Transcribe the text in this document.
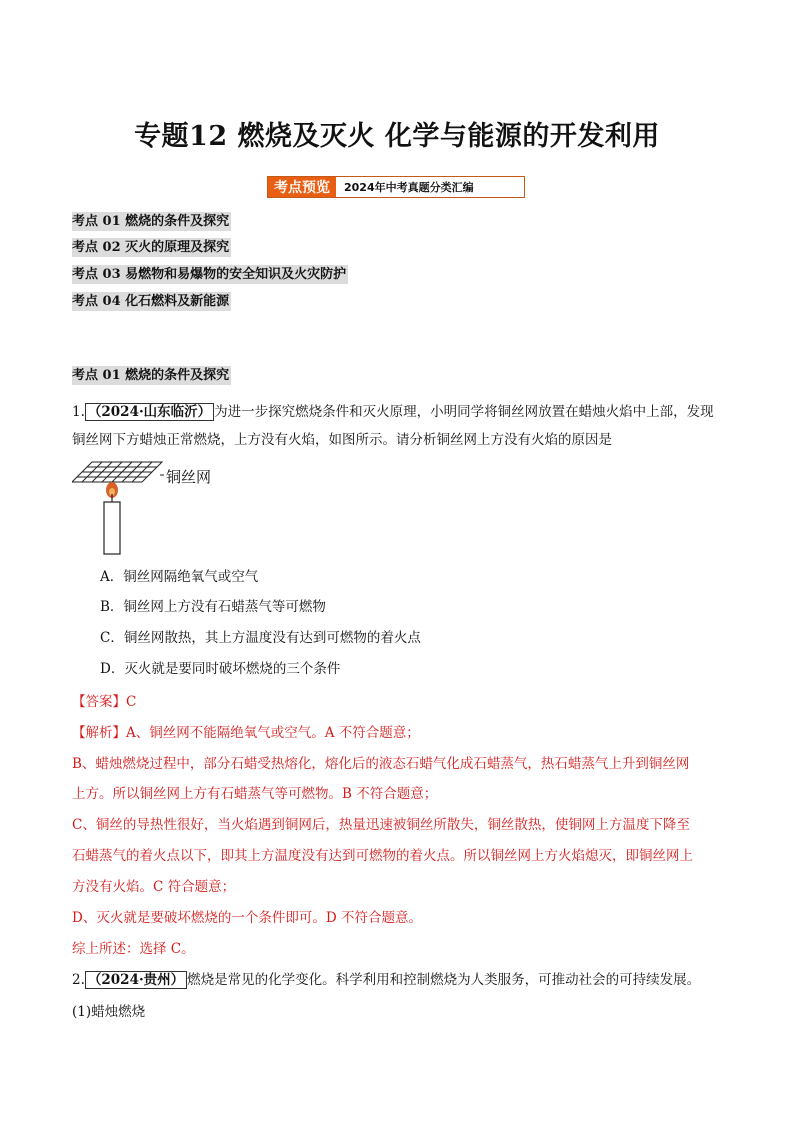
专题12 燃烧及灭火 化学与能源的开发利用
考点预览	2024年中考真题分类汇编
考点 01 燃烧的条件及探究
考点 02 灭火的原理及探究
考点 03 易燃物和易爆物的安全知识及火灾防护
考点 04 化石燃料及新能源
考点 01 燃烧的条件及探究
1. （2024·山东临沂） 为进一步探究燃烧条件和灭火原理，小明同学将铜丝网放置在蜡烛火焰中上部，发现
铜丝网下方蜡烛正常燃烧，上方没有火焰，如图所示。请分析铜丝网上方没有火焰的原因是
铜丝网
A．铜丝网隔绝氧气或空气
B．铜丝网上方没有石蜡蒸气等可燃物
C．铜丝网散热，其上方温度没有达到可燃物的着火点
D．灭火就是要同时破坏燃烧的三个条件
【答案】C
【解析】A、铜丝网不能隔绝氧气或空气。A 不符合题意；
B、蜡烛燃烧过程中，部分石蜡受热熔化，熔化后的液态石蜡气化成石蜡蒸气，热石蜡蒸气上升到铜丝网
上方。所以铜丝网上方有石蜡蒸气等可燃物。B 不符合题意；
C、铜丝的导热性很好，当火焰遇到铜网后，热量迅速被铜丝所散失，铜丝散热，使铜网上方温度下降至
石蜡蒸气的着火点以下，即其上方温度没有达到可燃物的着火点。所以铜丝网上方火焰熄灭，即铜丝网上
方没有火焰。C 符合题意；
D、灭火就是要破坏燃烧的一个条件即可。D 不符合题意。
综上所述：选择 C。
2. （2024·贵州） 燃烧是常见的化学变化。科学利用和控制燃烧为人类服务，可推动社会的可持续发展。
(1)蜡烛燃烧
